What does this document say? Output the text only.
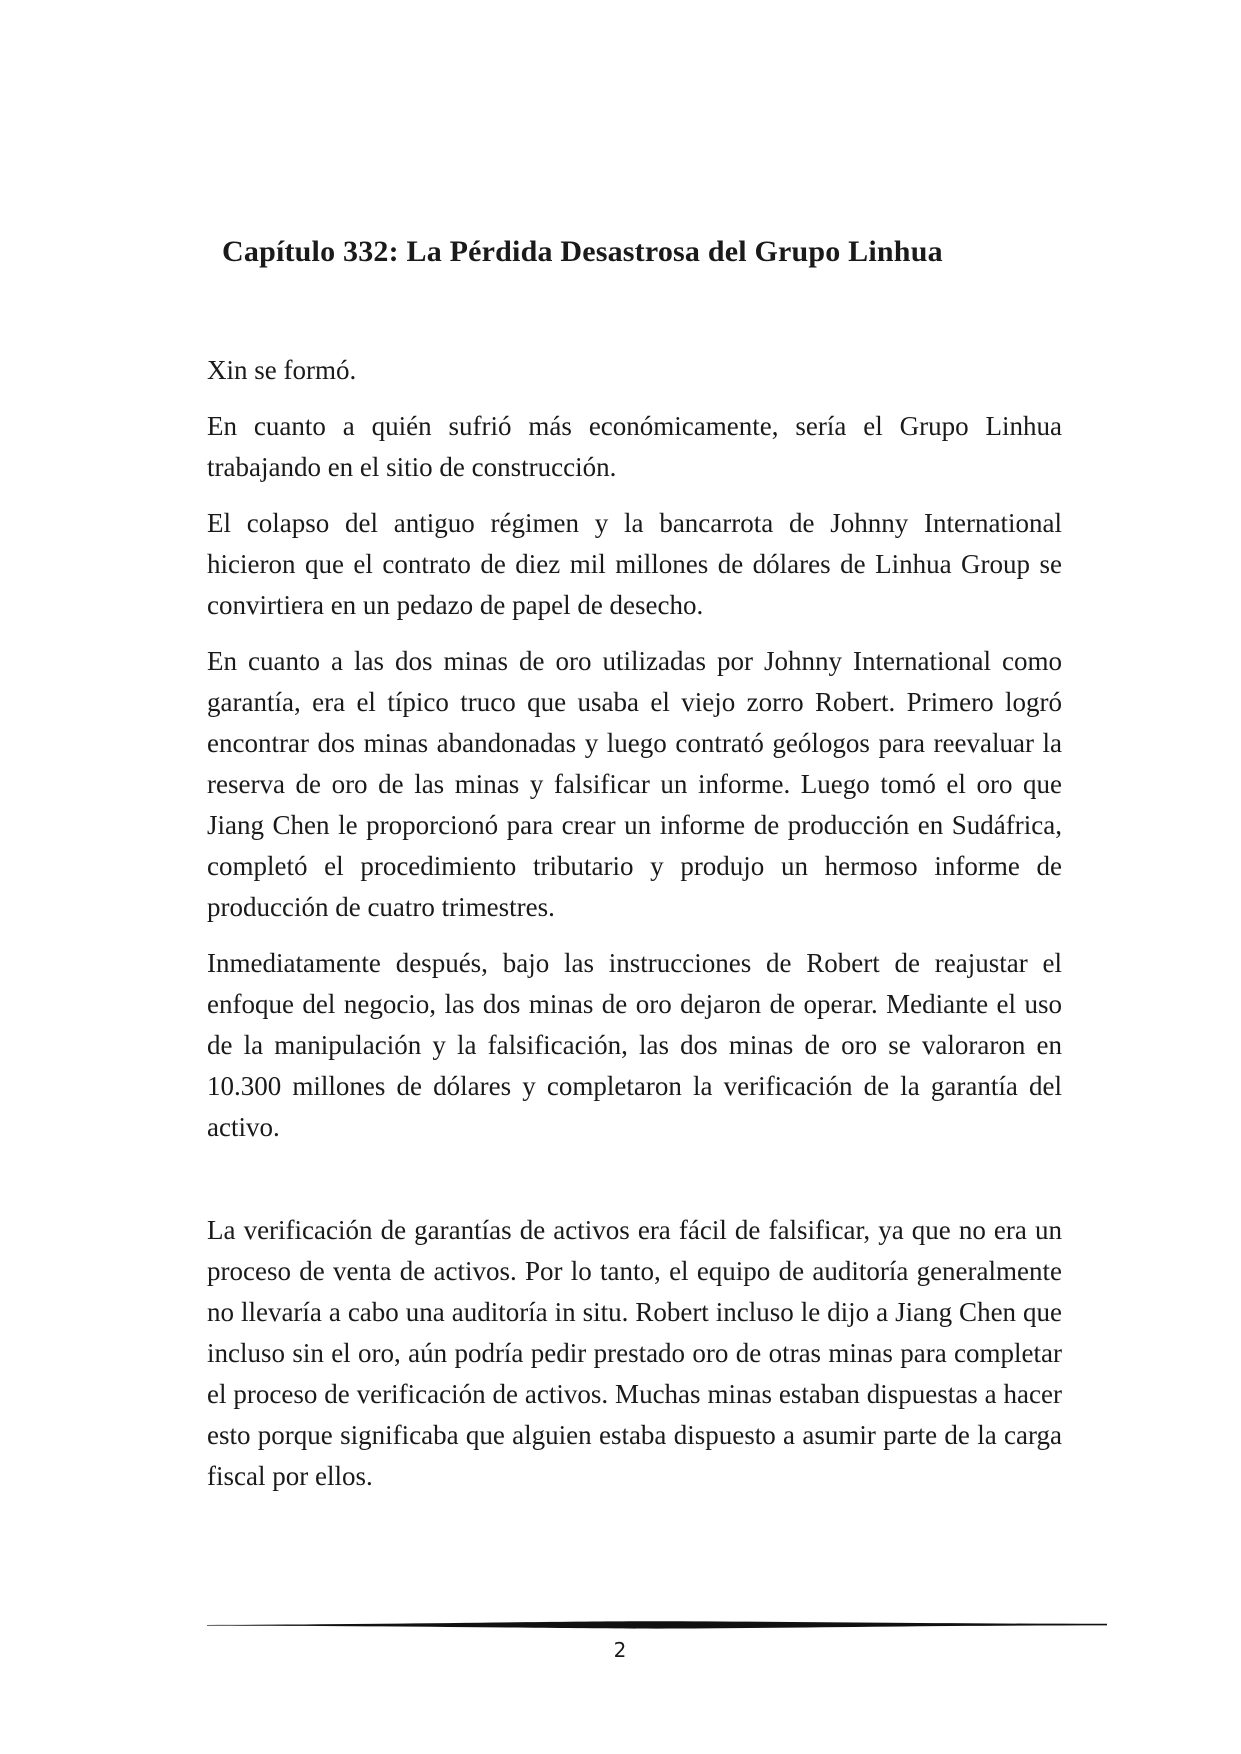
Capítulo 332: La Pérdida Desastrosa del Grupo Linhua

Xin se formó.

En cuanto a quién sufrió más económicamente, sería el Grupo Linhua trabajando en el sitio de construcción.

El colapso del antiguo régimen y la bancarrota de Johnny International hicieron que el contrato de diez mil millones de dólares de Linhua Group se convirtiera en un pedazo de papel de desecho.

En cuanto a las dos minas de oro utilizadas por Johnny International como garantía, era el típico truco que usaba el viejo zorro Robert. Primero logró encontrar dos minas abandonadas y luego contrató geólogos para reevaluar la reserva de oro de las minas y falsificar un informe. Luego tomó el oro que Jiang Chen le proporcionó para crear un informe de producción en Sudáfrica, completó el procedimiento tributario y produjo un hermoso informe de producción de cuatro trimestres.

Inmediatamente después, bajo las instrucciones de Robert de reajustar el enfoque del negocio, las dos minas de oro dejaron de operar. Mediante el uso de la manipulación y la falsificación, las dos minas de oro se valoraron en 10.300 millones de dólares y completaron la verificación de la garantía del activo.

La verificación de garantías de activos era fácil de falsificar, ya que no era un proceso de venta de activos. Por lo tanto, el equipo de auditoría generalmente no llevaría a cabo una auditoría in situ. Robert incluso le dijo a Jiang Chen que incluso sin el oro, aún podría pedir prestado oro de otras minas para completar el proceso de verificación de activos. Muchas minas estaban dispuestas a hacer esto porque significaba que alguien estaba dispuesto a asumir parte de la carga fiscal por ellos.

2
